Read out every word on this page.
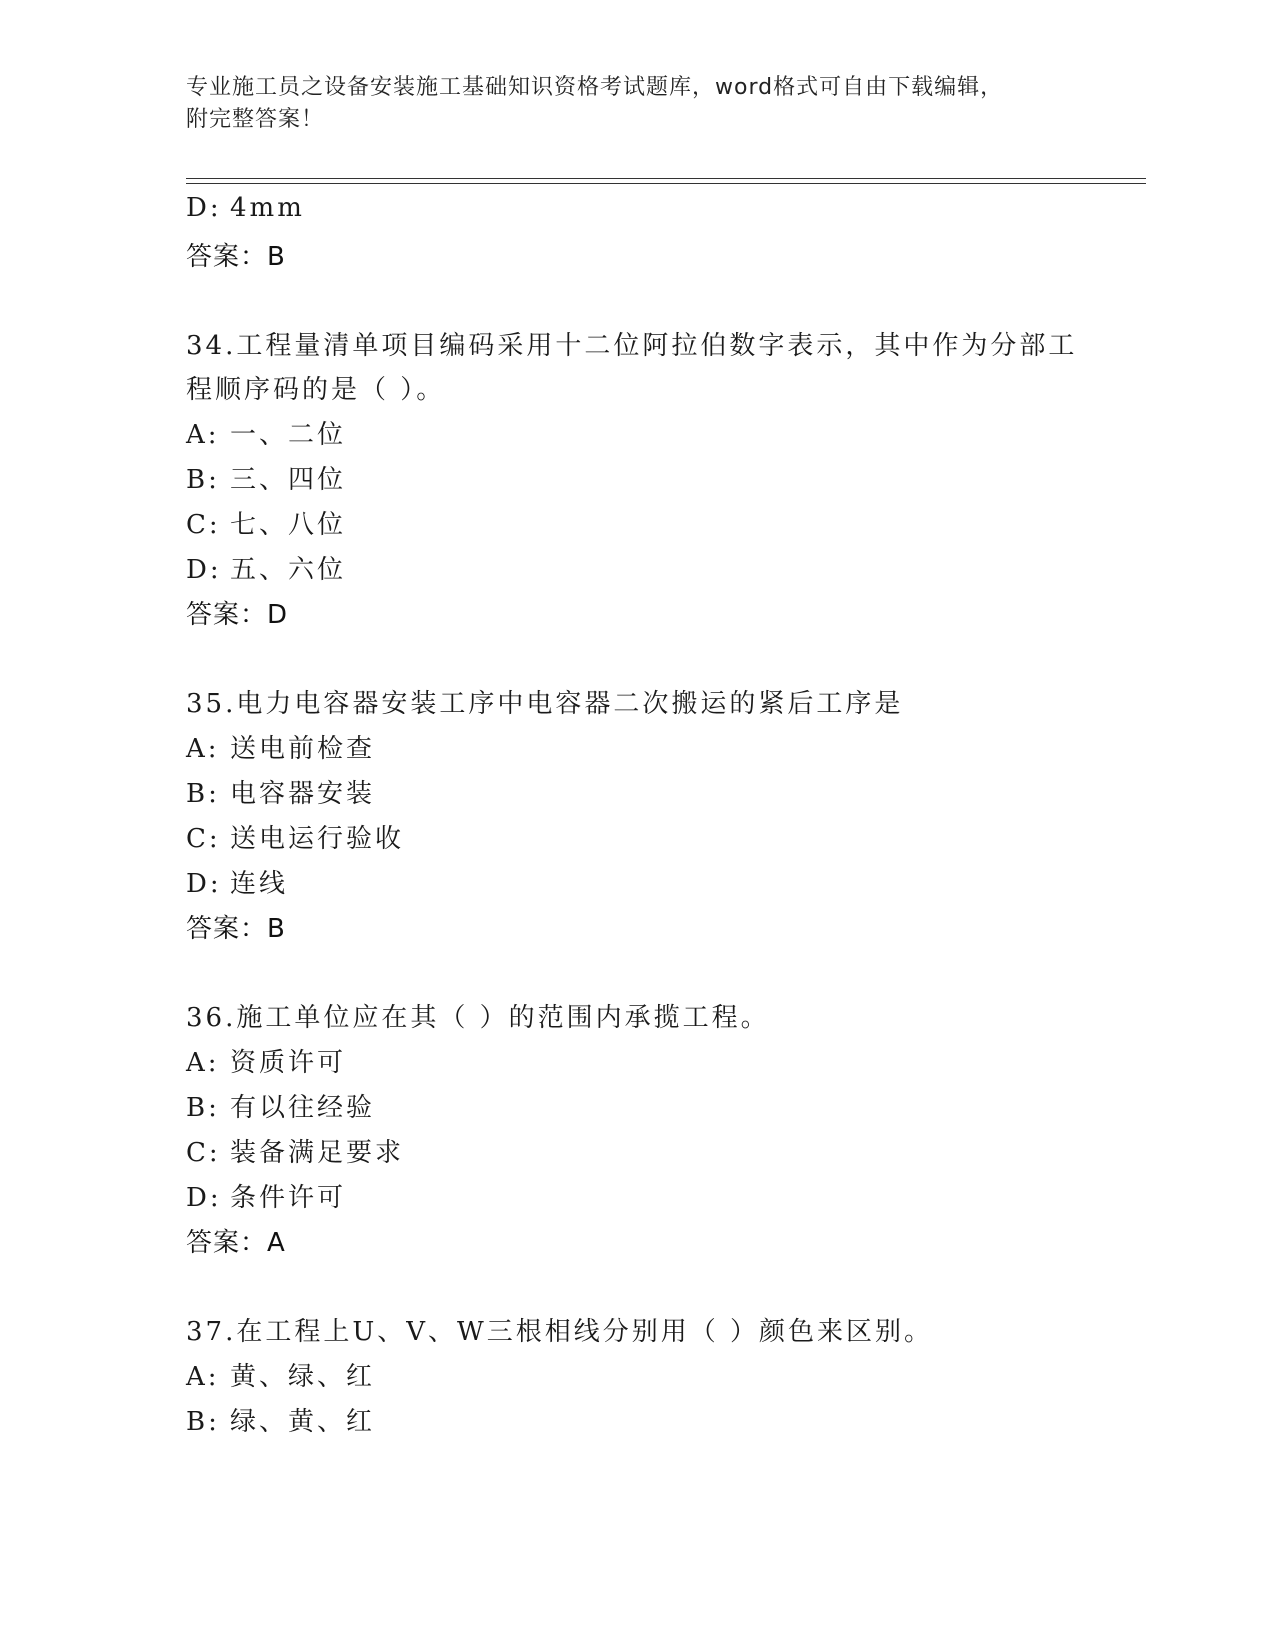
专业施工员之设备安装施工基础知识资格考试题库，word格式可自由下载编辑，
附完整答案！
D: 4mm
答案：B
34.工程量清单项目编码采用十二位阿拉伯数字表示，其中作为分部工
程顺序码的是（ ）。
A: 一、二位
B: 三、四位
C: 七、八位
D: 五、六位
答案：D
35.电力电容器安装工序中电容器二次搬运的紧后工序是
A: 送电前检查
B: 电容器安装
C: 送电运行验收
D: 连线
答案：B
36.施工单位应在其（ ）的范围内承揽工程。
A: 资质许可
B: 有以往经验
C: 装备满足要求
D: 条件许可
答案：A
37.在工程上U、V、W三根相线分别用（ ）颜色来区别。
A: 黄、绿、红
B: 绿、黄、红
